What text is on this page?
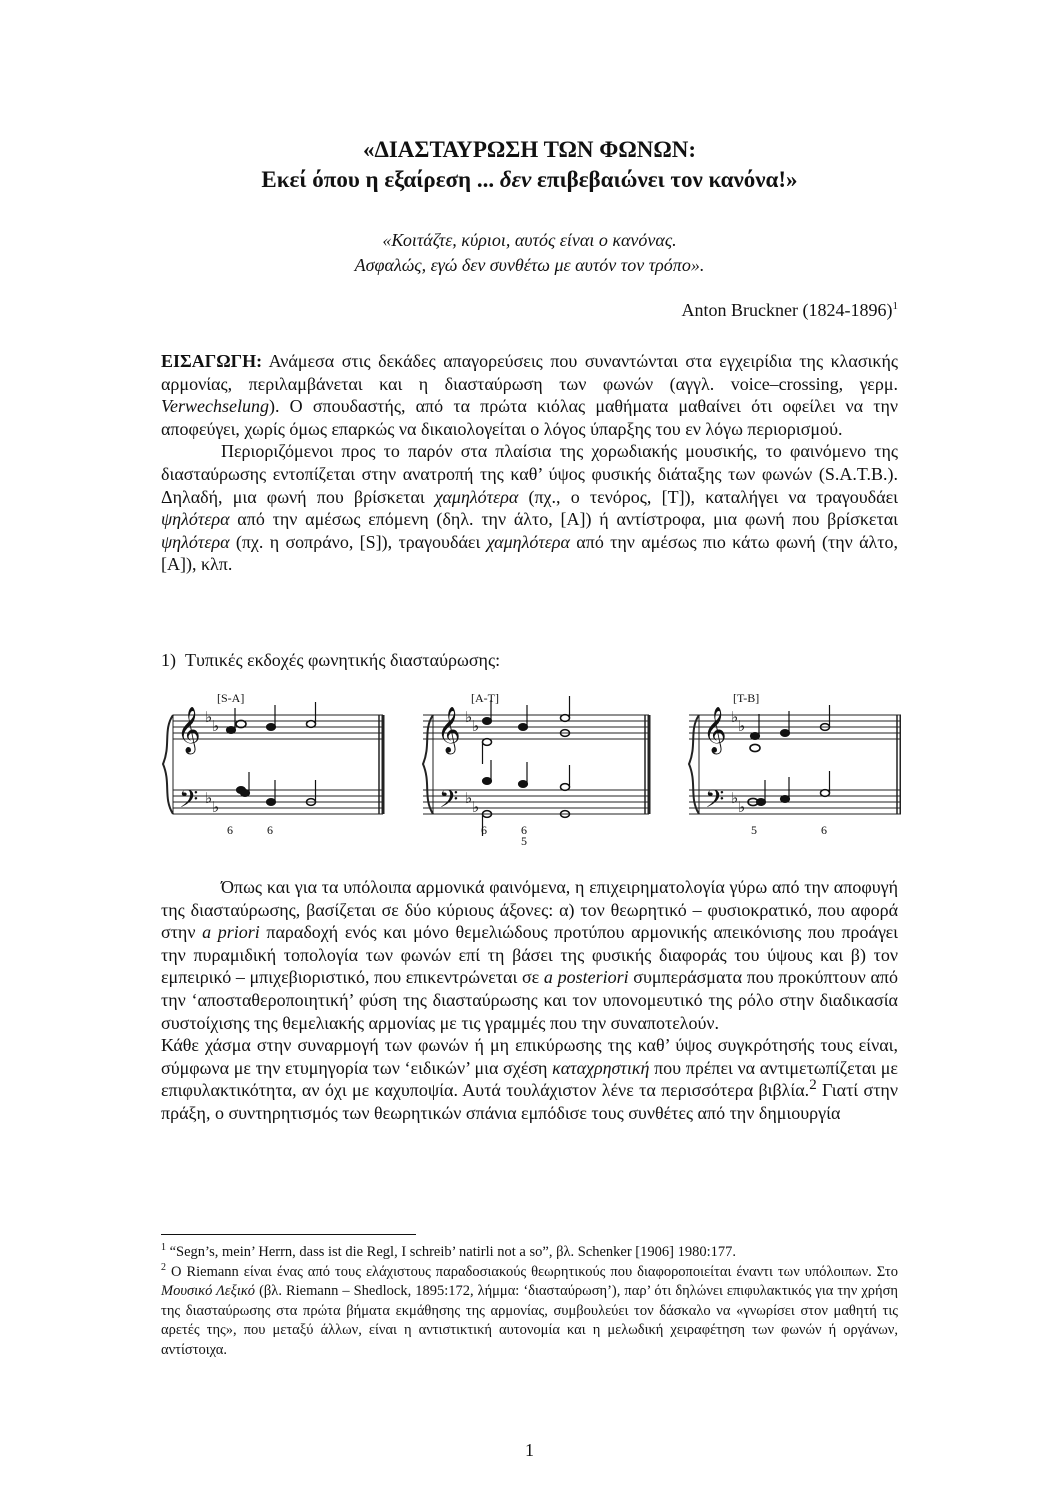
«ΔΙΑΣΤΑΥΡΩΣΗ ΤΩΝ ΦΩΝΩΝ:
Εκεί όπου η εξαίρεση ... δεν επιβεβαιώνει τον κανόνα!»
«Κοιτάζτε, κύριοι, αυτός είναι ο κανόνας.
Ασφαλώς, εγώ δεν συνθέτω με αυτόν τον τρόπο».
Anton Bruckner (1824-1896)$^1$

ΕΙΣΑΓΩΓΗ: Ανάμεσα στις δεκάδες απαγορεύσεις που συναντώνται στα εγχειρίδια της κλασικής αρμονίας, περιλαμβάνεται και η διασταύρωση των φωνών (αγγλ. voice–crossing, γερμ. Verwechselung). Ο σπουδαστής, από τα πρώτα κιόλας μαθήματα μαθαίνει ότι οφείλει να την αποφεύγει, χωρίς όμως επαρκώς να δικαιολογείται ο λόγος ύπαρξης του εν λόγω περιορισμού.

Περιοριζόμενοι προς το παρόν στα πλαίσια της χορωδιακής μουσικής, το φαινόμενο της διασταύρωσης εντοπίζεται στην ανατροπή της καθ’ ύψος φυσικής διάταξης των φωνών (S.A.T.B.). Δηλαδή, μια φωνή που βρίσκεται χαμηλότερα (πχ., ο τενόρος, [T]), καταλήγει να τραγουδάει ψηλότερα από την αμέσως επόμενη (δηλ. την άλτο, [A]) ή αντίστροφα, μια φωνή που βρίσκεται ψηλότερα (πχ. η σοπράνο, [S]), τραγουδάει χαμηλότερα από την αμέσως πιο κάτω φωνή (την άλτο, [A]), κλπ.

1) Τυπικές εκδοχές φωνητικής διασταύρωσης:
𝄞
𝄢
𝄞
𝄢
𝄞
𝄢
♭ ♭
♭ ♭
♭ ♭
♭ ♭
♭ ♭
♭ ♭
[S-A]	[A-T]	[T-B]
6	6	6	6
5
5	6

Όπως και για τα υπόλοιπα αρμονικά φαινόμενα, η επιχειρηματολογία γύρω από την αποφυγή της διασταύρωσης, βασίζεται σε δύο κύριους άξονες: α) τον θεωρητικό – φυσιοκρατικό, που αφορά στην a priori παραδοχή ενός και μόνο θεμελιώδους προτύπου αρμονικής απεικόνισης που προάγει την πυραμιδική τοπολογία των φωνών επί τη βάσει της φυσικής διαφοράς του ύψους και β) τον εμπειρικό – μπιχεβιοριστικό, που επικεντρώνεται σε a posteriori συμπεράσματα που προκύπτουν από την ‘αποσταθεροποιητική’ φύση της διασταύρωσης και τον υπονομευτικό της ρόλο στην διαδικασία συστοίχισης της θεμελιακής αρμονίας με τις γραμμές που την συναποτελούν.

Κάθε χάσμα στην συναρμογή των φωνών ή μη επικύρωσης της καθ’ ύψος συγκρότησής τους είναι, σύμφωνα με την ετυμηγορία των ‘ειδικών’ μια σχέση καταχρηστική που πρέπει να αντιμετωπίζεται με επιφυλακτικότητα, αν όχι με καχυποψία. Αυτά τουλάχιστον λένε τα περισσότερα βιβλία.$^2$ Γιατί στην πράξη, ο συντηρητισμός των θεωρητικών σπάνια εμπόδισε τους συνθέτες από την δημιουργία

$^1$ “Segn’s, mein’ Herrn, dass ist die Regl, I schreib’ natirli not a so”, βλ. Schenker [1906] 1980:177.

$^2$ Ο Riemann είναι ένας από τους ελάχιστους παραδοσιακούς θεωρητικούς που διαφοροποιείται έναντι των υπόλοιπων. Στο Μουσικό Λεξικό (βλ. Riemann – Shedlock, 1895:172, λήμμα: ‘διασταύρωση’), παρ’ ότι δηλώνει επιφυλακτικός για την χρήση της διασταύρωσης στα πρώτα βήματα εκμάθησης της αρμονίας, συμβουλεύει τον δάσκαλο να «γνωρίσει στον μαθητή τις αρετές της», που μεταξύ άλλων, είναι η αντιστικτική αυτονομία και η μελωδική χειραφέτηση των φωνών ή οργάνων, αντίστοιχα.

1
